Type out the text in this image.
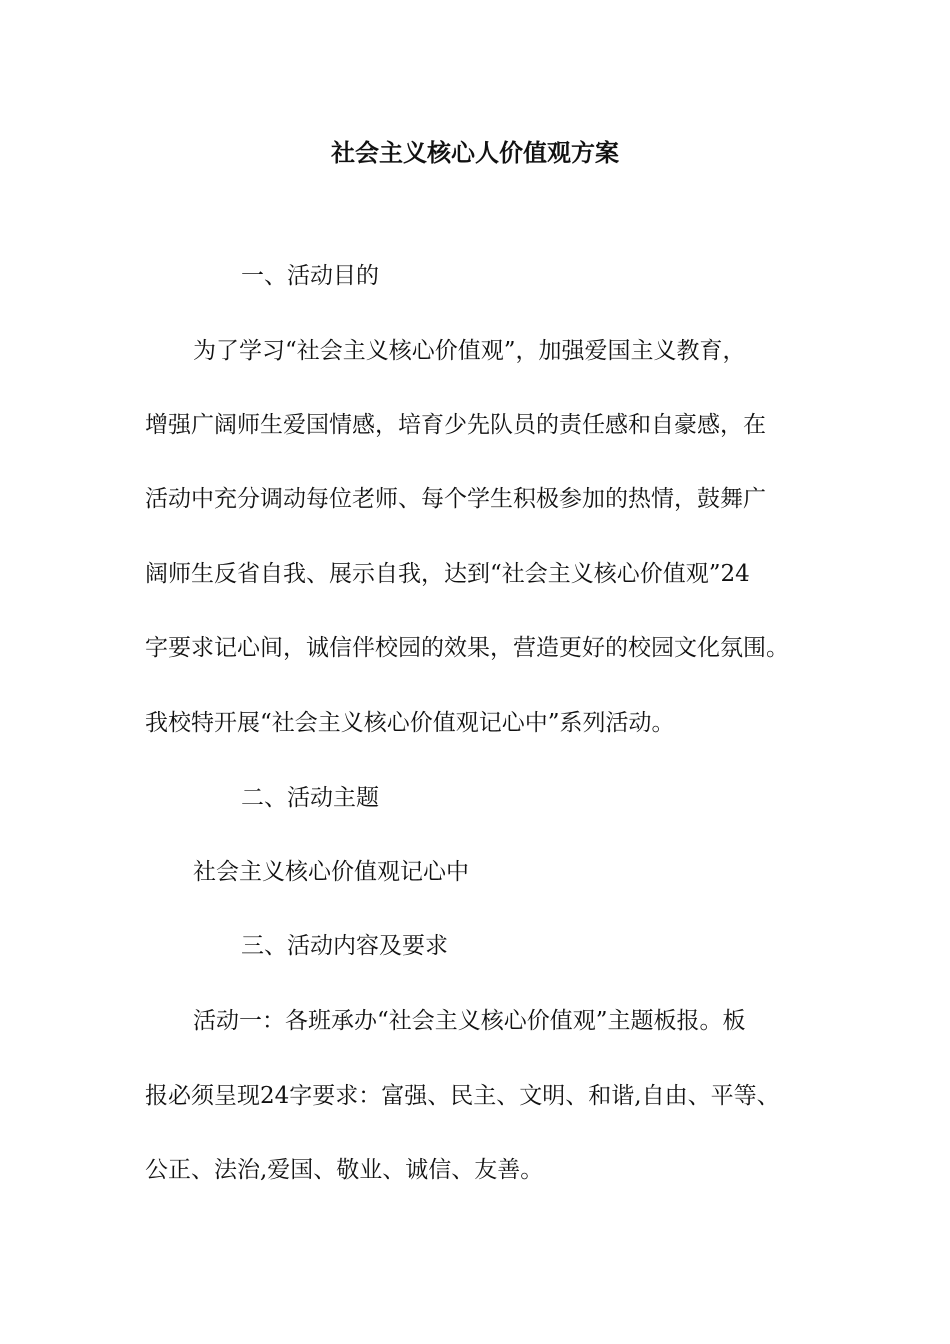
社会主义核心人价值观方案

一、活动目的

为了学习“社会主义核心价值观”，加强爱国主义教育，

增强广阔师生爱国情感，培育少先队员的责任感和自豪感，在

活动中充分调动每位老师、每个学生积极参加的热情，鼓舞广

阔师生反省自我、展示自我，达到“社会主义核心价值观”24

字要求记心间，诚信伴校园的效果，营造更好的校园文化氛围。

我校特开展“社会主义核心价值观记心中”系列活动。

二、活动主题

社会主义核心价值观记心中

三、活动内容及要求

活动一：各班承办“社会主义核心价值观”主题板报。板

报必须呈现24字要求：富强、民主、文明、和谐,自由、平等、

公正、法治,爱国、敬业、诚信、友善。
